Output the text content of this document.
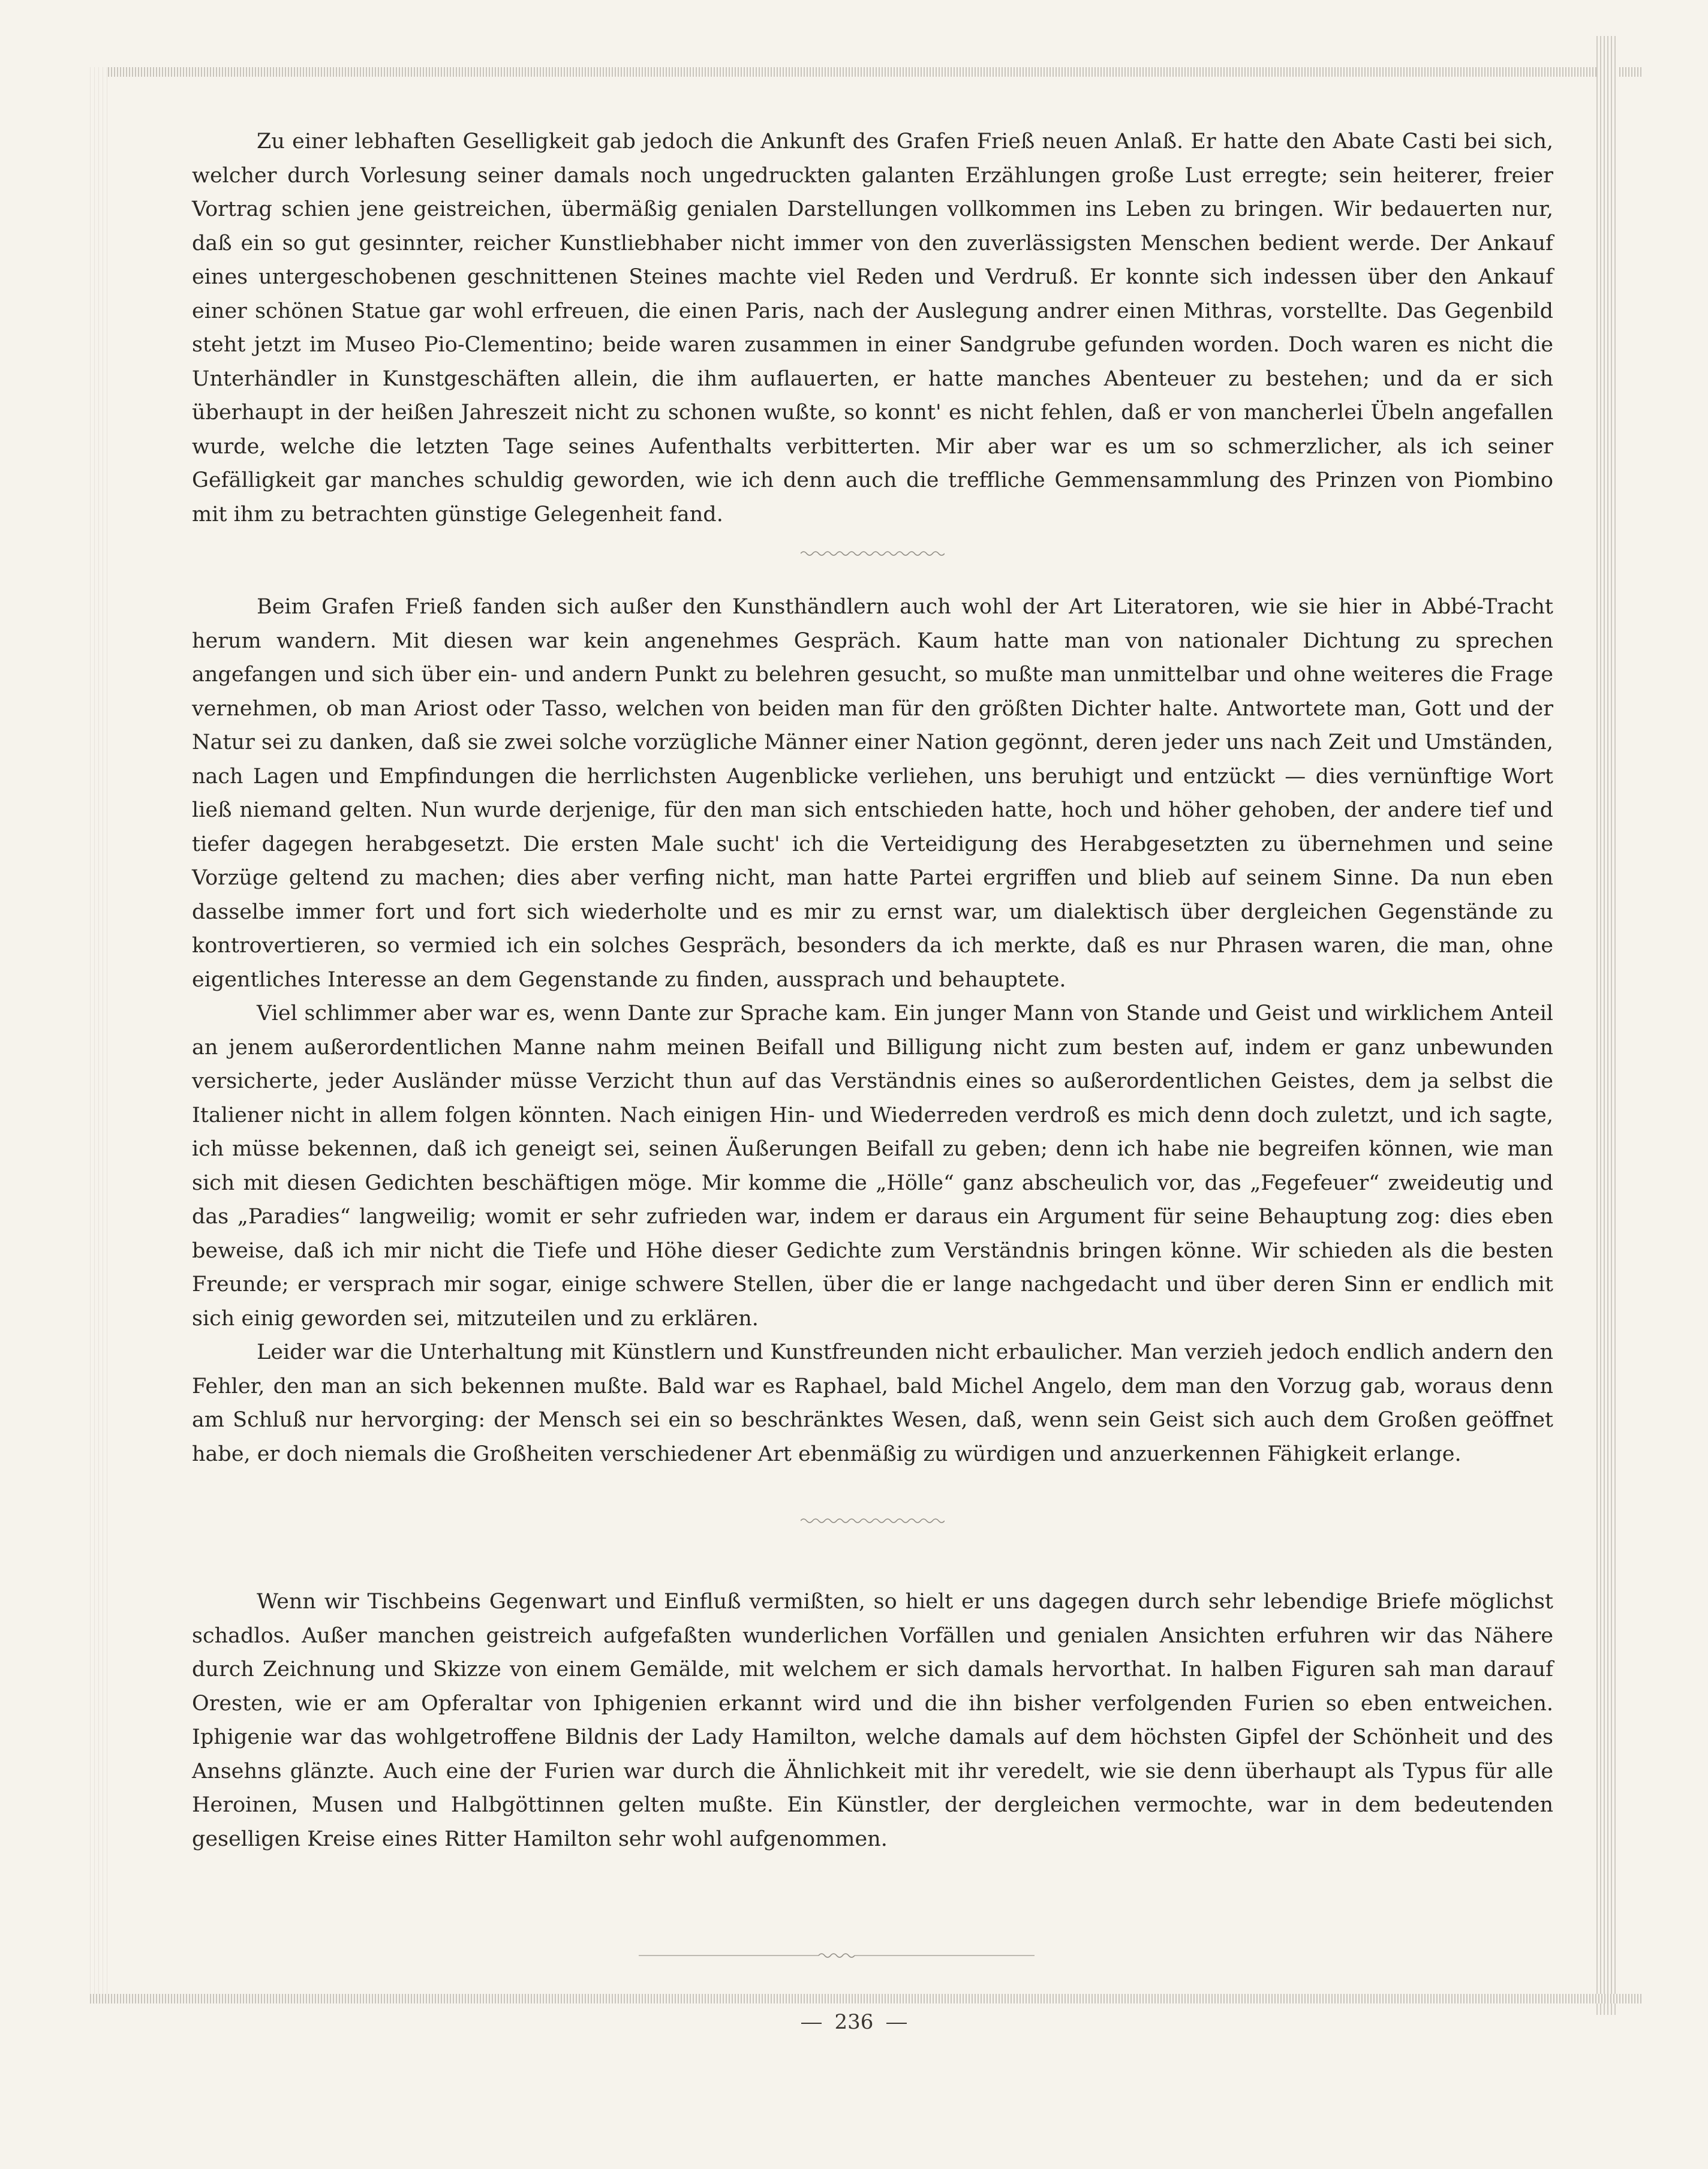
Zu einer lebhaften Geselligkeit gab jedoch die Ankunft des Grafen Frieß neuen Anlaß. Er hatte den Abate Casti bei sich, welcher durch Vorlesung seiner damals noch ungedruckten galanten Erzählungen große Lust erregte; sein heiterer, freier Vortrag schien jene geistreichen, übermäßig genialen Darstellungen vollkommen ins Leben zu bringen. Wir bedauerten nur, daß ein so gut gesinnter, reicher Kunstliebhaber nicht immer von den zuverlässigsten Menschen bedient werde. Der Ankauf eines untergeschobenen geschnittenen Steines machte viel Reden und Verdruß. Er konnte sich indessen über den Ankauf einer schönen Statue gar wohl erfreuen, die einen Paris, nach der Auslegung andrer einen Mithras, vorstellte. Das Gegenbild steht jetzt im Museo Pio-Clementino; beide waren zusammen in einer Sandgrube gefunden worden. Doch waren es nicht die Unterhändler in Kunstgeschäften allein, die ihm auflauerten, er hatte manches Abenteuer zu bestehen; und da er sich überhaupt in der heißen Jahreszeit nicht zu schonen wußte, so konnt' es nicht fehlen, daß er von mancherlei Übeln angefallen wurde, welche die letzten Tage seines Aufenthalts verbitterten. Mir aber war es um so schmerzlicher, als ich seiner Gefälligkeit gar manches schuldig geworden, wie ich denn auch die treffliche Gemmensammlung des Prinzen von Piombino mit ihm zu betrachten günstige Gelegenheit fand.

Beim Grafen Frieß fanden sich außer den Kunsthändlern auch wohl der Art Literatoren, wie sie hier in Abbé-Tracht herum wandern. Mit diesen war kein angenehmes Gespräch. Kaum hatte man von nationaler Dichtung zu sprechen angefangen und sich über ein- und andern Punkt zu belehren gesucht, so mußte man unmittelbar und ohne weiteres die Frage vernehmen, ob man Ariost oder Tasso, welchen von beiden man für den größten Dichter halte. Antwortete man, Gott und der Natur sei zu danken, daß sie zwei solche vorzügliche Männer einer Nation gegönnt, deren jeder uns nach Zeit und Umständen, nach Lagen und Empfindungen die herrlichsten Augenblicke verliehen, uns beruhigt und entzückt — dies vernünftige Wort ließ niemand gelten. Nun wurde derjenige, für den man sich entschieden hatte, hoch und höher gehoben, der andere tief und tiefer dagegen herabgesetzt. Die ersten Male sucht' ich die Verteidigung des Herabgesetzten zu übernehmen und seine Vorzüge geltend zu machen; dies aber verfing nicht, man hatte Partei ergriffen und blieb auf seinem Sinne. Da nun eben dasselbe immer fort und fort sich wiederholte und es mir zu ernst war, um dialektisch über dergleichen Gegenstände zu kontrovertieren, so vermied ich ein solches Gespräch, besonders da ich merkte, daß es nur Phrasen waren, die man, ohne eigentliches Interesse an dem Gegenstande zu finden, aussprach und behauptete.

Viel schlimmer aber war es, wenn Dante zur Sprache kam. Ein junger Mann von Stande und Geist und wirklichem Anteil an jenem außerordentlichen Manne nahm meinen Beifall und Billigung nicht zum besten auf, indem er ganz unbewunden versicherte, jeder Ausländer müsse Verzicht thun auf das Verständnis eines so außerordentlichen Geistes, dem ja selbst die Italiener nicht in allem folgen könnten. Nach einigen Hin- und Wiederreden verdroß es mich denn doch zuletzt, und ich sagte, ich müsse bekennen, daß ich geneigt sei, seinen Äußerungen Beifall zu geben; denn ich habe nie begreifen können, wie man sich mit diesen Gedichten beschäftigen möge. Mir komme die „Hölle“ ganz abscheulich vor, das „Fegefeuer“ zweideutig und das „Paradies“ langweilig; womit er sehr zufrieden war, indem er daraus ein Argument für seine Behauptung zog: dies eben beweise, daß ich mir nicht die Tiefe und Höhe dieser Gedichte zum Verständnis bringen könne. Wir schieden als die besten Freunde; er versprach mir sogar, einige schwere Stellen, über die er lange nachgedacht und über deren Sinn er endlich mit sich einig geworden sei, mitzuteilen und zu erklären.

Leider war die Unterhaltung mit Künstlern und Kunstfreunden nicht erbaulicher. Man verzieh jedoch endlich andern den Fehler, den man an sich bekennen mußte. Bald war es Raphael, bald Michel Angelo, dem man den Vorzug gab, woraus denn am Schluß nur hervorging: der Mensch sei ein so beschränktes Wesen, daß, wenn sein Geist sich auch dem Großen geöffnet habe, er doch niemals die Großheiten verschiedener Art ebenmäßig zu würdigen und anzuerkennen Fähigkeit erlange.

Wenn wir Tischbeins Gegenwart und Einfluß vermißten, so hielt er uns dagegen durch sehr lebendige Briefe möglichst schadlos. Außer manchen geistreich aufgefaßten wunderlichen Vorfällen und genialen Ansichten erfuhren wir das Nähere durch Zeichnung und Skizze von einem Gemälde, mit welchem er sich damals hervorthat. In halben Figuren sah man darauf Oresten, wie er am Opferaltar von Iphigenien erkannt wird und die ihn bisher verfolgenden Furien so eben entweichen. Iphigenie war das wohlgetroffene Bildnis der Lady Hamilton, welche damals auf dem höchsten Gipfel der Schönheit und des Ansehns glänzte. Auch eine der Furien war durch die Ähnlichkeit mit ihr veredelt, wie sie denn überhaupt als Typus für alle Heroinen, Musen und Halbgöttinnen gelten mußte. Ein Künstler, der dergleichen vermochte, war in dem bedeutenden geselligen Kreise eines Ritter Hamilton sehr wohl aufgenommen.

236
